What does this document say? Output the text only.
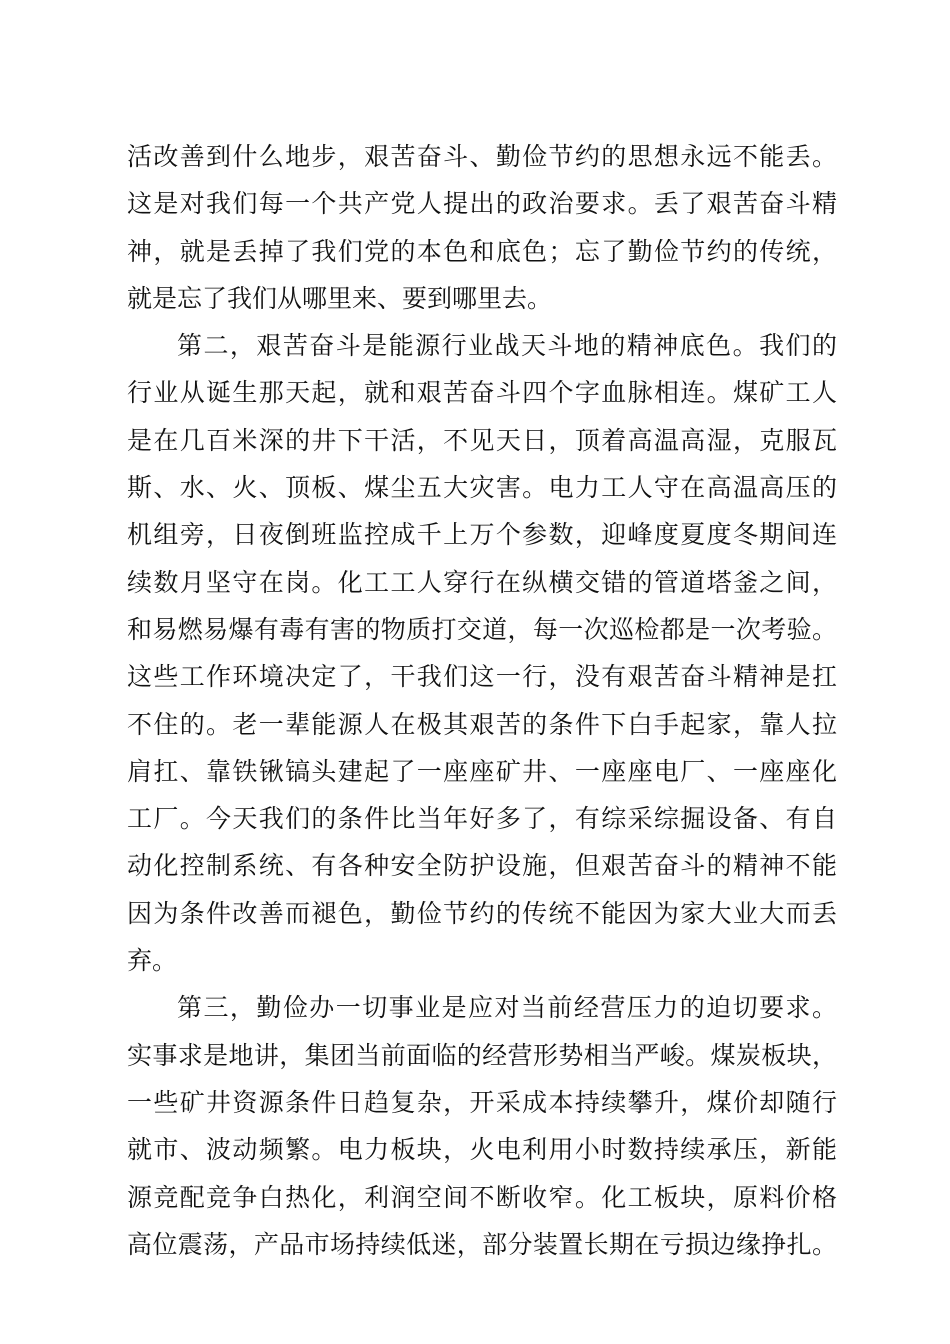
活改善到什么地步，艰苦奋斗、勤俭节约的思想永远不能丢。
这是对我们每一个共产党人提出的政治要求。丢了艰苦奋斗精
神，就是丢掉了我们党的本色和底色；忘了勤俭节约的传统，
就是忘了我们从哪里来、要到哪里去。
第二，艰苦奋斗是能源行业战天斗地的精神底色。我们的
行业从诞生那天起，就和艰苦奋斗四个字血脉相连。煤矿工人
是在几百米深的井下干活，不见天日，顶着高温高湿，克服瓦
斯、水、火、顶板、煤尘五大灾害。电力工人守在高温高压的
机组旁，日夜倒班监控成千上万个参数，迎峰度夏度冬期间连
续数月坚守在岗。化工工人穿行在纵横交错的管道塔釜之间，
和易燃易爆有毒有害的物质打交道，每一次巡检都是一次考验。
这些工作环境决定了，干我们这一行，没有艰苦奋斗精神是扛
不住的。老一辈能源人在极其艰苦的条件下白手起家，靠人拉
肩扛、靠铁锹镐头建起了一座座矿井、一座座电厂、一座座化
工厂。今天我们的条件比当年好多了，有综采综掘设备、有自
动化控制系统、有各种安全防护设施，但艰苦奋斗的精神不能
因为条件改善而褪色，勤俭节约的传统不能因为家大业大而丢
弃。
第三，勤俭办一切事业是应对当前经营压力的迫切要求。
实事求是地讲，集团当前面临的经营形势相当严峻。煤炭板块，
一些矿井资源条件日趋复杂，开采成本持续攀升，煤价却随行
就市、波动频繁。电力板块，火电利用小时数持续承压，新能
源竞配竞争白热化，利润空间不断收窄。化工板块，原料价格
高位震荡，产品市场持续低迷，部分装置长期在亏损边缘挣扎。
